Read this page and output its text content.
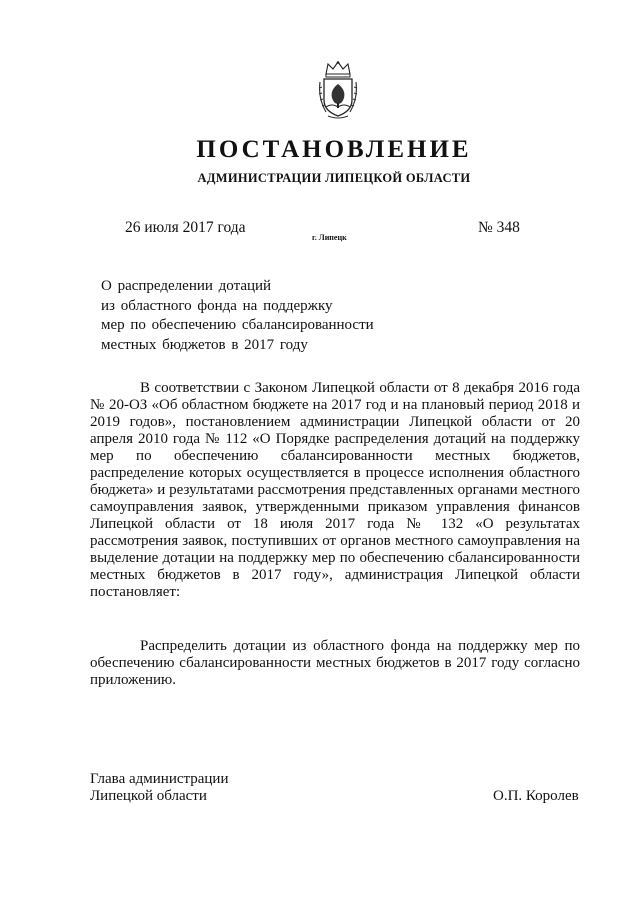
ПОСТАНОВЛЕНИЕ
АДМИНИСТРАЦИИ ЛИПЕЦКОЙ ОБЛАСТИ
26 июля 2017 года
г. Липецк
№ 348
О распределении дотаций
из областного фонда на поддержку
мер по обеспечению сбалансированности
местных бюджетов в 2017 году
В соответствии с Законом Липецкой области от 8 декабря 2016 года № 20-ОЗ «Об областном бюджете на 2017 год и на плановый период 2018 и 2019 годов», постановлением администрации Липецкой области от 20 апреля 2010 года № 112 «О Порядке распределения дотаций на поддержку мер по обеспечению сбалансированности местных бюджетов, распределение которых осуществляется в процессе исполнения областного бюджета» и результатами рассмотрения представленных органами местного самоуправления заявок, утвержденными приказом управления финансов Липецкой области от 18 июля 2017 года № 132 «О результатах рассмотрения заявок, поступивших от органов местного самоуправления на выделение дотации на поддержку мер по обеспечению сбалансированности местных бюджетов в 2017 году», администрация Липецкой области постановляет:
Распределить дотации из областного фонда на поддержку мер по обеспечению сбалансированности местных бюджетов в 2017 году согласно приложению.
Глава администрации
Липецкой области	О.П. Королев
